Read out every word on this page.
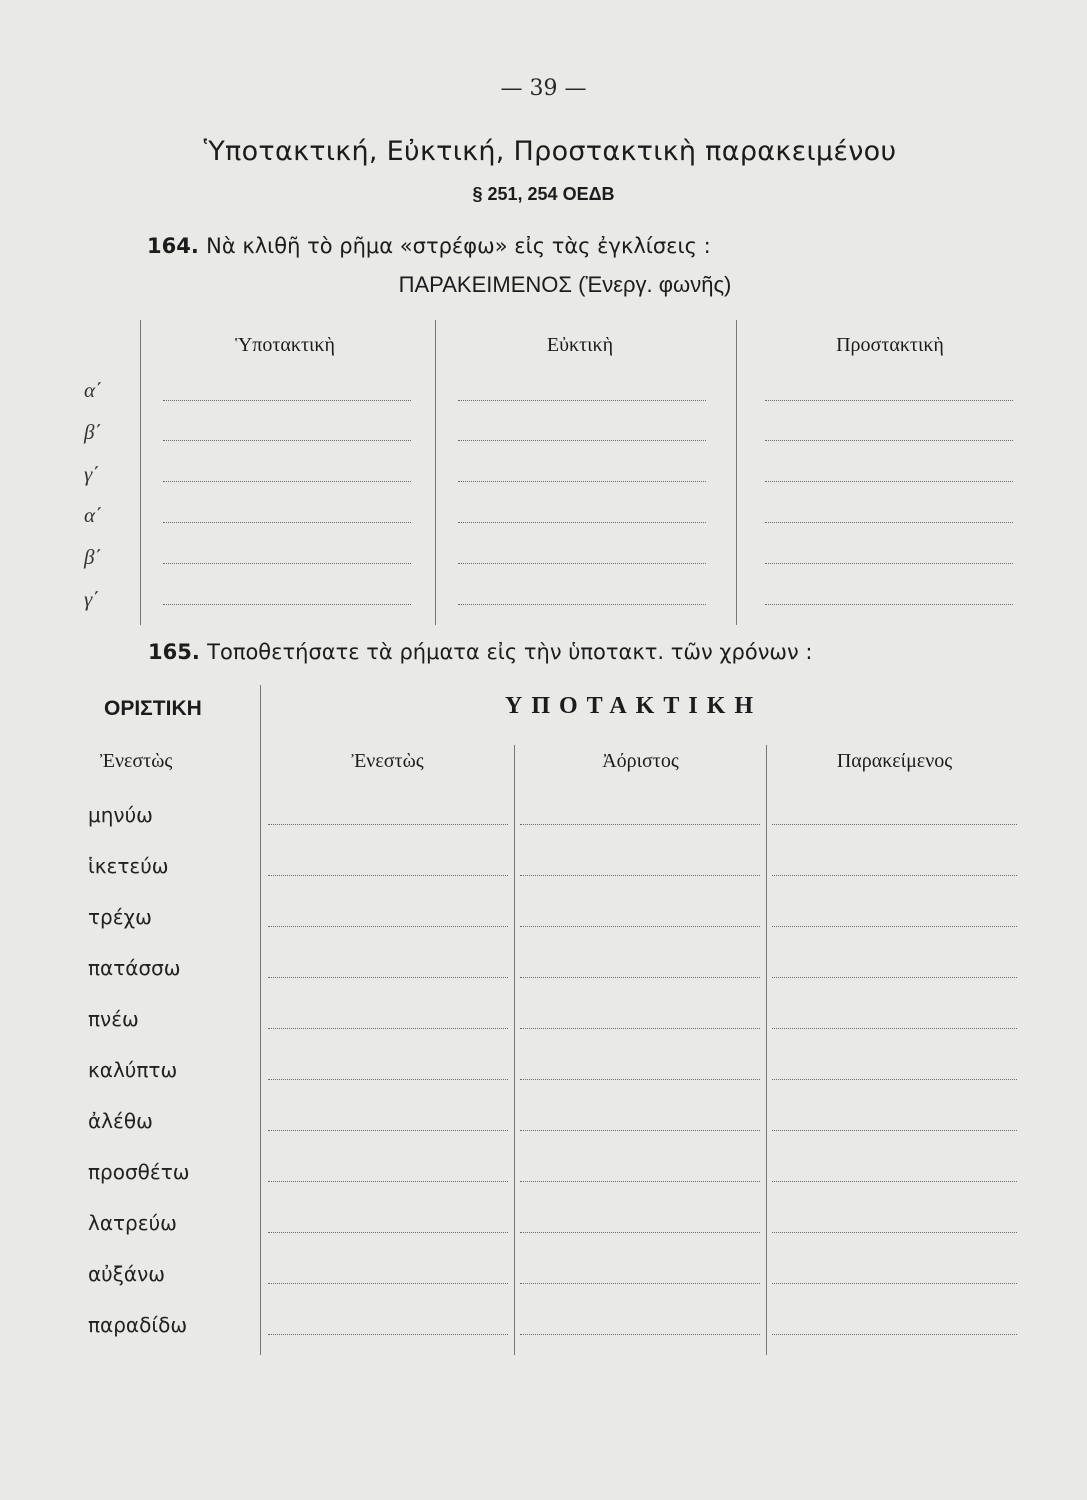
— 39 —
Ὑποτακτική, Εὐκτική, Προστακτικὴ παρακειμένου
§ 251, 254 ΟΕΔΒ
164. Νὰ κλιθῆ τὸ ρῆμα «στρέφω» εἰς τὰς ἐγκλίσεις :
ΠΑΡΑΚΕΙΜΕΝΟΣ (Ἐνεργ. φωνῆς)
Ὑποτακτικὴ	Εὐκτικὴ	Προστακτικὴ
α΄
β΄
γ΄
α΄
β΄
γ΄
165. Τοποθετήσατε τὰ ρήματα εἰς τὴν ὑποτακτ. τῶν χρόνων :
ΟΡΙΣΤΙΚΗ	ΥΠΟΤΑΚΤΙΚΗ
Ἐνεστὼς	Ἐνεστὼς	Ἀόριστος	Παρακείμενος
μηνύω
ἱκετεύω
τρέχω
πατάσσω
πνέω
καλύπτω
ἀλέθω
προσθέτω
λατρεύω
αὐξάνω
παραδίδω
